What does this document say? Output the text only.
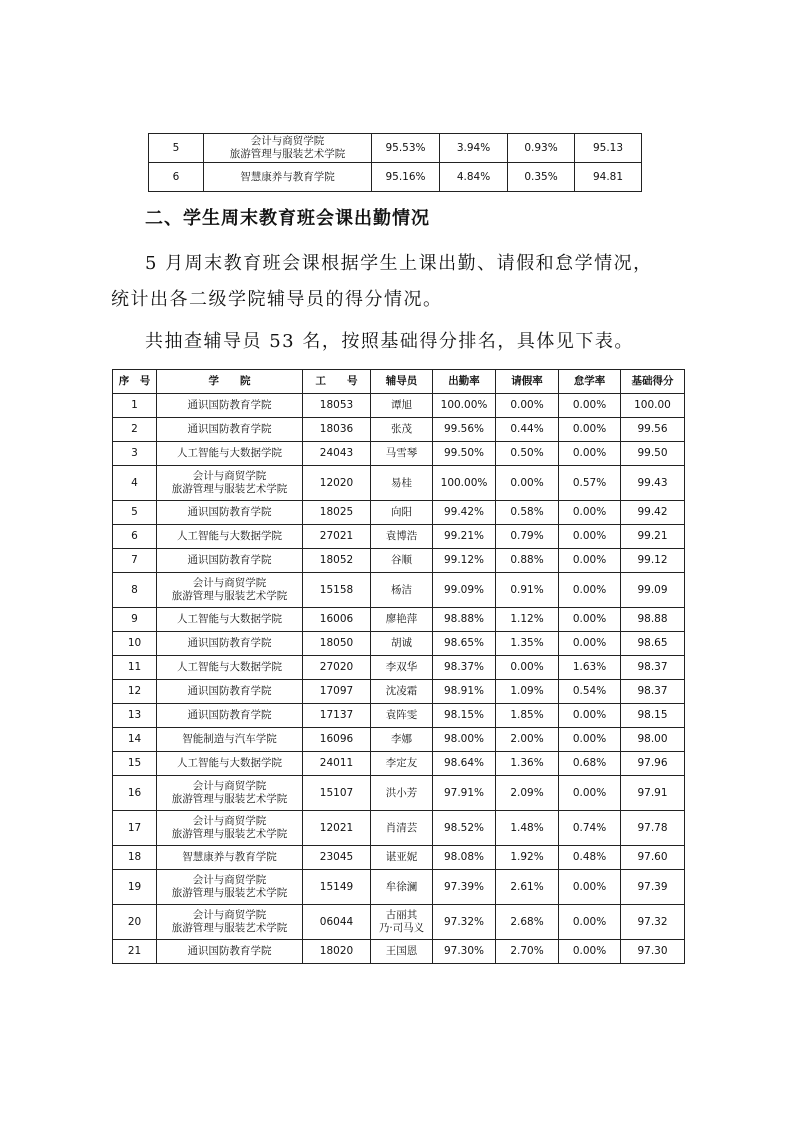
5	会计与商贸学院
旅游管理与服装艺术学院	95.53%	3.94%	0.93%	95.13
6	智慧康养与教育学院	95.16%	4.84%	0.35%	94.81
二、学生周末教育班会课出勤情况

5 月周末教育班会课根据学生上课出勤、请假和怠学情况，

统计出各二级学院辅导员的得分情况。

共抽查辅导员 53 名，按照基础得分排名，具体见下表。

序　号	学　　院	工　　号	辅导员	出勤率	请假率	怠学率	基础得分
1	通识国防教育学院	18053	谭旭	100.00%	0.00%	0.00%	100.00
2	通识国防教育学院	18036	张茂	99.56%	0.44%	0.00%	99.56
3	人工智能与大数据学院	24043	马雪琴	99.50%	0.50%	0.00%	99.50
4	会计与商贸学院
旅游管理与服装艺术学院	12020	易桂	100.00%	0.00%	0.57%	99.43
5	通识国防教育学院	18025	向阳	99.42%	0.58%	0.00%	99.42
6	人工智能与大数据学院	27021	袁博浩	99.21%	0.79%	0.00%	99.21
7	通识国防教育学院	18052	谷顺	99.12%	0.88%	0.00%	99.12
8	会计与商贸学院
旅游管理与服装艺术学院	15158	杨洁	99.09%	0.91%	0.00%	99.09
9	人工智能与大数据学院	16006	廖艳萍	98.88%	1.12%	0.00%	98.88
10	通识国防教育学院	18050	胡诚	98.65%	1.35%	0.00%	98.65
11	人工智能与大数据学院	27020	李双华	98.37%	0.00%	1.63%	98.37
12	通识国防教育学院	17097	沈凌霜	98.91%	1.09%	0.54%	98.37
13	通识国防教育学院	17137	袁阵雯	98.15%	1.85%	0.00%	98.15
14	智能制造与汽车学院	16096	李娜	98.00%	2.00%	0.00%	98.00
15	人工智能与大数据学院	24011	李定友	98.64%	1.36%	0.68%	97.96
16	会计与商贸学院
旅游管理与服装艺术学院	15107	洪小芳	97.91%	2.09%	0.00%	97.91
17	会计与商贸学院
旅游管理与服装艺术学院	12021	肖清芸	98.52%	1.48%	0.74%	97.78
18	智慧康养与教育学院	23045	谌亚妮	98.08%	1.92%	0.48%	97.60
19	会计与商贸学院
旅游管理与服装艺术学院	15149	牟徐澜	97.39%	2.61%	0.00%	97.39
20	会计与商贸学院
旅游管理与服装艺术学院	06044	古丽其
乃·司马义	97.32%	2.68%	0.00%	97.32
21	通识国防教育学院	18020	王国恩	97.30%	2.70%	0.00%	97.30
